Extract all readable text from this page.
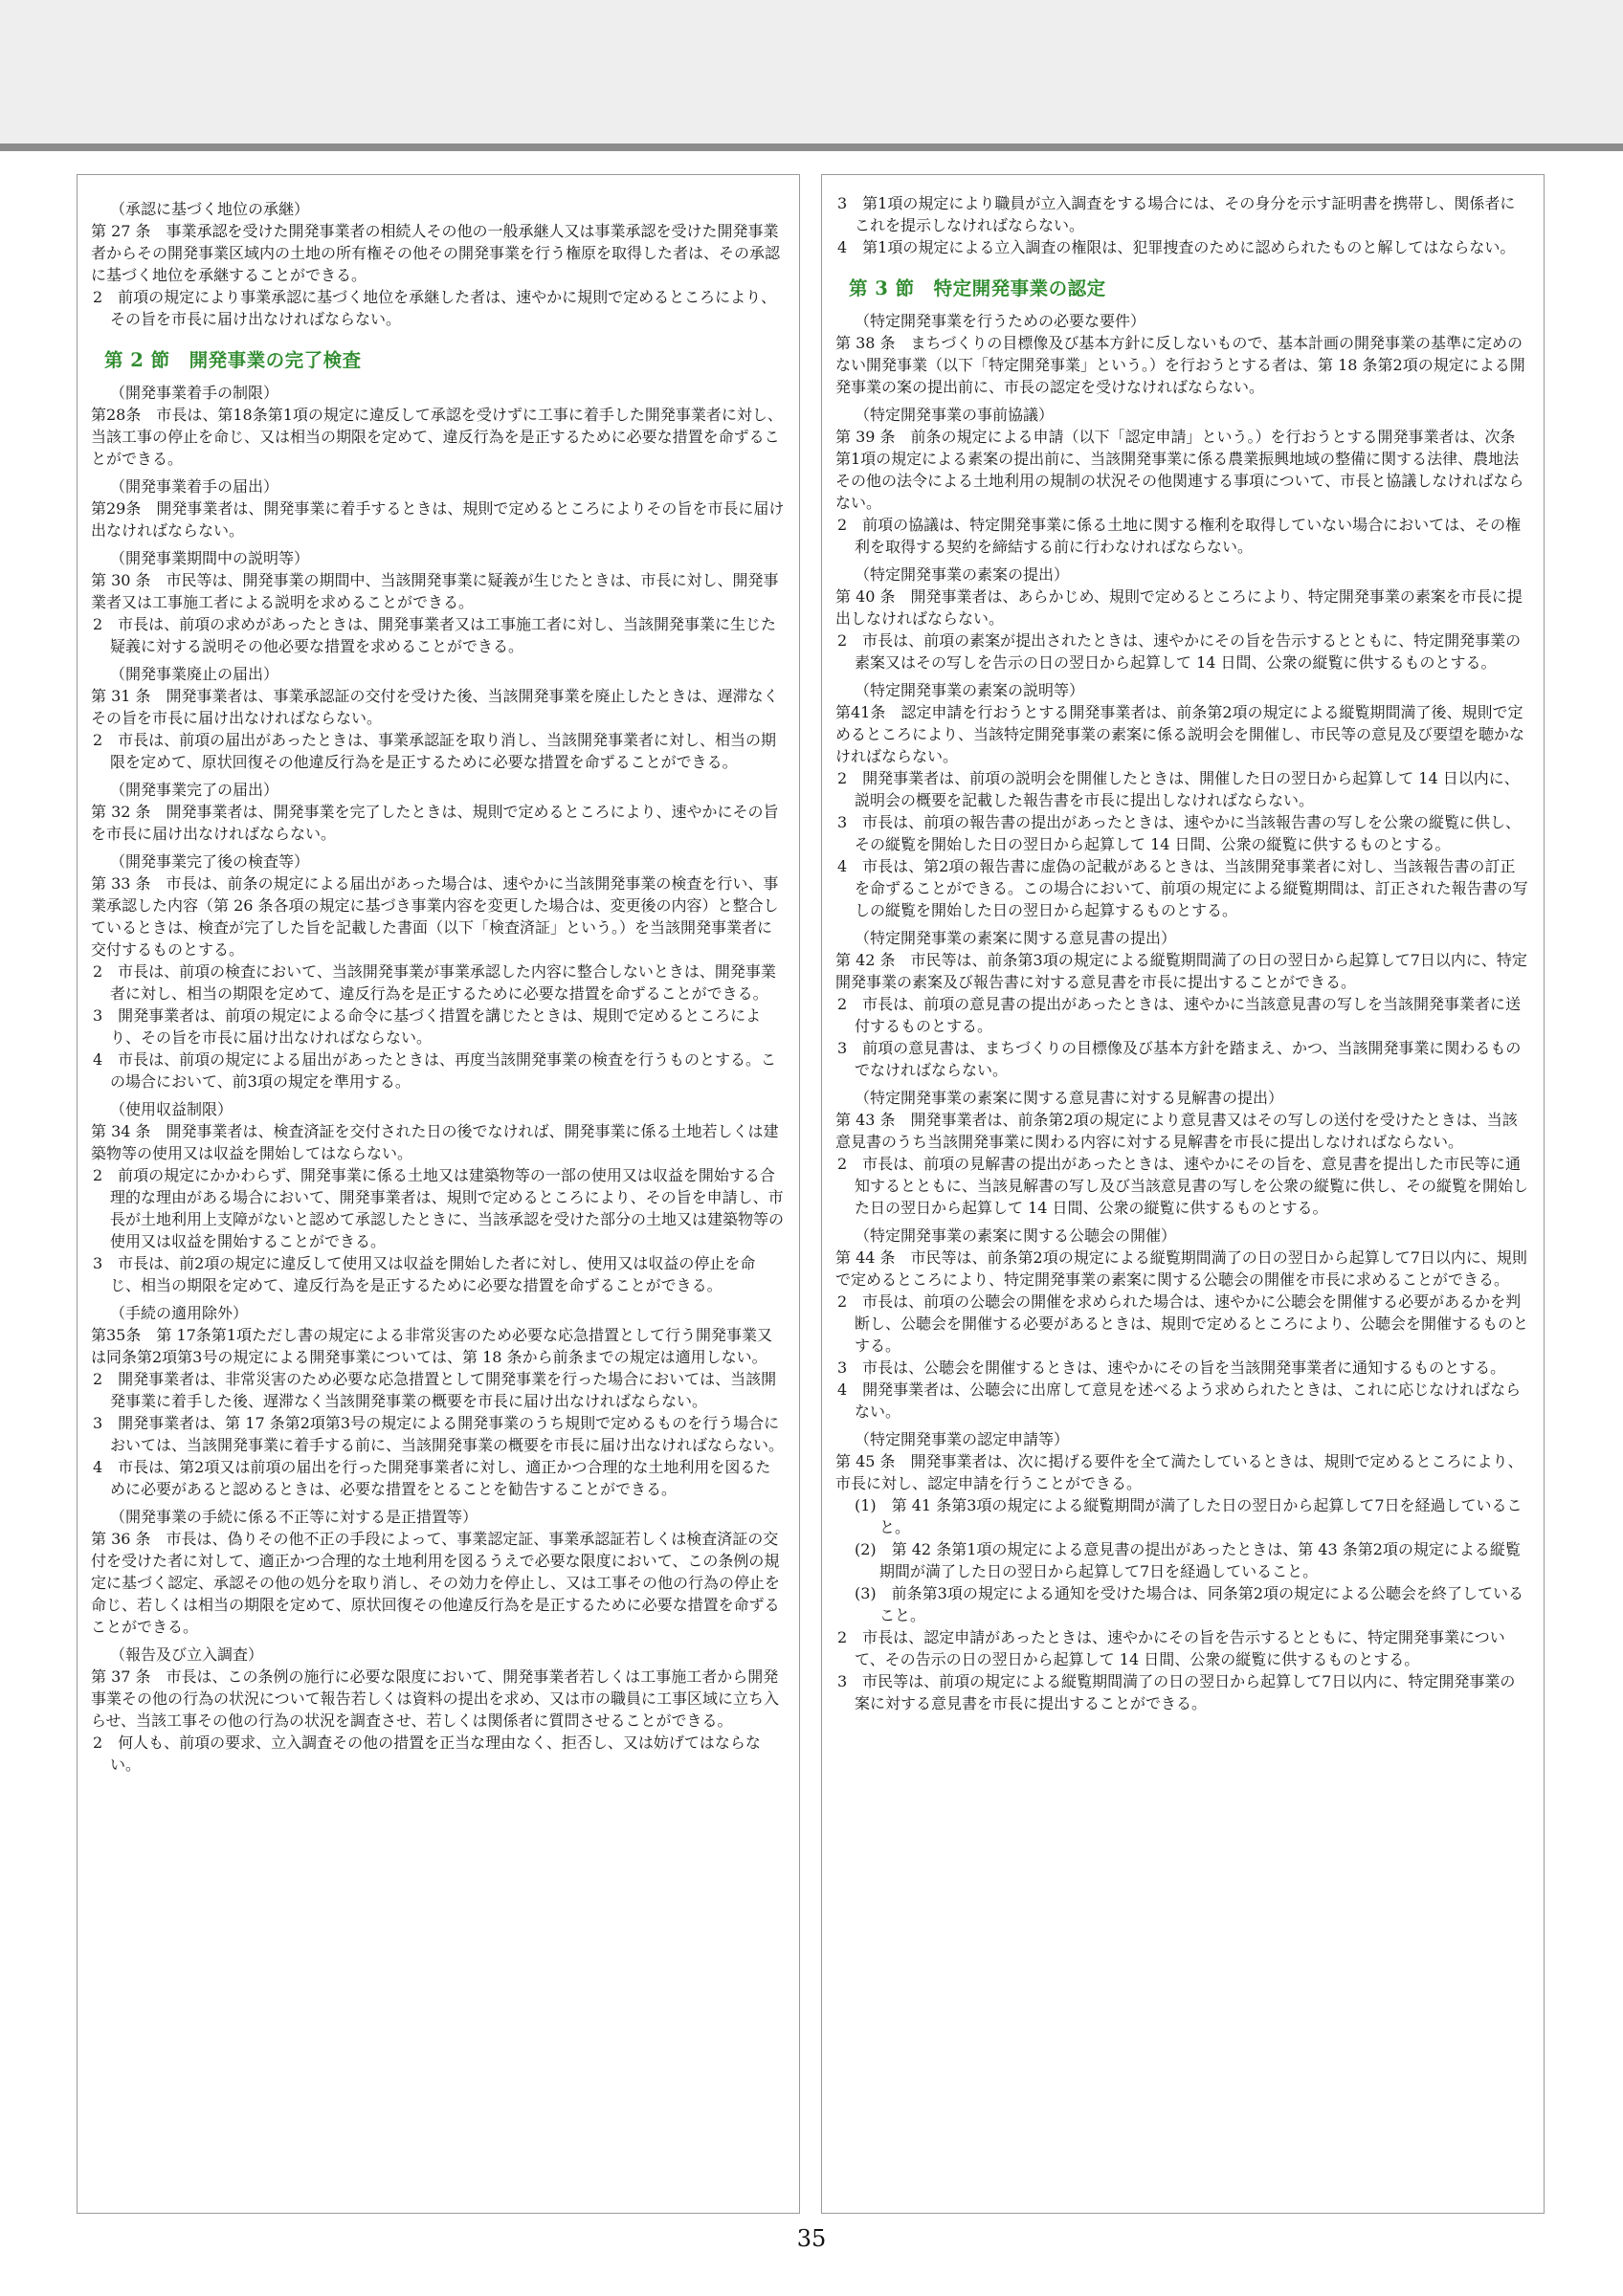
（承認に基づく地位の承継）

第 27 条　事業承認を受けた開発事業者の相続人その他の一般承継人又は事業承認を受けた開発事業者からその開発事業区域内の土地の所有権その他その開発事業を行う権原を取得した者は、その承認に基づく地位を承継することができる。

2　前項の規定により事業承認に基づく地位を承継した者は、速やかに規則で定めるところにより、その旨を市長に届け出なければならない。

第 2 節　開発事業の完了検査
（開発事業着手の制限）

第28条　市長は、第18条第1項の規定に違反して承認を受けずに工事に着手した開発事業者に対し、当該工事の停止を命じ、又は相当の期限を定めて、違反行為を是正するために必要な措置を命ずることができる。

（開発事業着手の届出）

第29条　開発事業者は、開発事業に着手するときは、規則で定めるところによりその旨を市長に届け出なければならない。

（開発事業期間中の説明等）

第 30 条　市民等は、開発事業の期間中、当該開発事業に疑義が生じたときは、市長に対し、開発事業者又は工事施工者による説明を求めることができる。

2　市長は、前項の求めがあったときは、開発事業者又は工事施工者に対し、当該開発事業に生じた疑義に対する説明その他必要な措置を求めることができる。

（開発事業廃止の届出）

第 31 条　開発事業者は、事業承認証の交付を受けた後、当該開発事業を廃止したときは、遅滞なくその旨を市長に届け出なければならない。

2　市長は、前項の届出があったときは、事業承認証を取り消し、当該開発事業者に対し、相当の期限を定めて、原状回復その他違反行為を是正するために必要な措置を命ずることができる。

（開発事業完了の届出）

第 32 条　開発事業者は、開発事業を完了したときは、規則で定めるところにより、速やかにその旨を市長に届け出なければならない。

（開発事業完了後の検査等）

第 33 条　市長は、前条の規定による届出があった場合は、速やかに当該開発事業の検査を行い、事業承認した内容（第 26 条各項の規定に基づき事業内容を変更した場合は、変更後の内容）と整合しているときは、検査が完了した旨を記載した書面（以下「検査済証」という。）を当該開発事業者に交付するものとする。

2　市長は、前項の検査において、当該開発事業が事業承認した内容に整合しないときは、開発事業者に対し、相当の期限を定めて、違反行為を是正するために必要な措置を命ずることができる。

3　開発事業者は、前項の規定による命令に基づく措置を講じたときは、規則で定めるところにより、その旨を市長に届け出なければならない。

4　市長は、前項の規定による届出があったときは、再度当該開発事業の検査を行うものとする。この場合において、前3項の規定を準用する。

（使用収益制限）

第 34 条　開発事業者は、検査済証を交付された日の後でなければ、開発事業に係る土地若しくは建築物等の使用又は収益を開始してはならない。

2　前項の規定にかかわらず、開発事業に係る土地又は建築物等の一部の使用又は収益を開始する合理的な理由がある場合において、開発事業者は、規則で定めるところにより、その旨を申請し、市長が土地利用上支障がないと認めて承認したときに、当該承認を受けた部分の土地又は建築物等の使用又は収益を開始することができる。

3　市長は、前2項の規定に違反して使用又は収益を開始した者に対し、使用又は収益の停止を命じ、相当の期限を定めて、違反行為を是正するために必要な措置を命ずることができる。

（手続の適用除外）

第35条　第 17条第1項ただし書の規定による非常災害のため必要な応急措置として行う開発事業又は同条第2項第3号の規定による開発事業については、第 18 条から前条までの規定は適用しない。

2　開発事業者は、非常災害のため必要な応急措置として開発事業を行った場合においては、当該開発事業に着手した後、遅滞なく当該開発事業の概要を市長に届け出なければならない。

3　開発事業者は、第 17 条第2項第3号の規定による開発事業のうち規則で定めるものを行う場合においては、当該開発事業に着手する前に、当該開発事業の概要を市長に届け出なければならない。

4　市長は、第2項又は前項の届出を行った開発事業者に対し、適正かつ合理的な土地利用を図るために必要があると認めるときは、必要な措置をとることを勧告することができる。

（開発事業の手続に係る不正等に対する是正措置等）

第 36 条　市長は、偽りその他不正の手段によって、事業認定証、事業承認証若しくは検査済証の交付を受けた者に対して、適正かつ合理的な土地利用を図るうえで必要な限度において、この条例の規定に基づく認定、承認その他の処分を取り消し、その効力を停止し、又は工事その他の行為の停止を命じ、若しくは相当の期限を定めて、原状回復その他違反行為を是正するために必要な措置を命ずることができる。

（報告及び立入調査）

第 37 条　市長は、この条例の施行に必要な限度において、開発事業者若しくは工事施工者から開発事業その他の行為の状況について報告若しくは資料の提出を求め、又は市の職員に工事区域に立ち入らせ、当該工事その他の行為の状況を調査させ、若しくは関係者に質問させることができる。

2　何人も、前項の要求、立入調査その他の措置を正当な理由なく、拒否し、又は妨げてはならない。

3　第1項の規定により職員が立入調査をする場合には、その身分を示す証明書を携帯し、関係者にこれを提示しなければならない。

4　第1項の規定による立入調査の権限は、犯罪捜査のために認められたものと解してはならない。

第 3 節　特定開発事業の認定
（特定開発事業を行うための必要な要件）

第 38 条　まちづくりの目標像及び基本方針に反しないもので、基本計画の開発事業の基準に定めのない開発事業（以下「特定開発事業」という。）を行おうとする者は、第 18 条第2項の規定による開発事業の案の提出前に、市長の認定を受けなければならない。

（特定開発事業の事前協議）

第 39 条　前条の規定による申請（以下「認定申請」という。）を行おうとする開発事業者は、次条第1項の規定による素案の提出前に、当該開発事業に係る農業振興地域の整備に関する法律、農地法その他の法令による土地利用の規制の状況その他関連する事項について、市長と協議しなければならない。

2　前項の協議は、特定開発事業に係る土地に関する権利を取得していない場合においては、その権利を取得する契約を締結する前に行わなければならない。

（特定開発事業の素案の提出）

第 40 条　開発事業者は、あらかじめ、規則で定めるところにより、特定開発事業の素案を市長に提出しなければならない。

2　市長は、前項の素案が提出されたときは、速やかにその旨を告示するとともに、特定開発事業の素案又はその写しを告示の日の翌日から起算して 14 日間、公衆の縦覧に供するものとする。

（特定開発事業の素案の説明等）

第41条　認定申請を行おうとする開発事業者は、前条第2項の規定による縦覧期間満了後、規則で定めるところにより、当該特定開発事業の素案に係る説明会を開催し、市民等の意見及び要望を聴かなければならない。

2　開発事業者は、前項の説明会を開催したときは、開催した日の翌日から起算して 14 日以内に、説明会の概要を記載した報告書を市長に提出しなければならない。

3　市長は、前項の報告書の提出があったときは、速やかに当該報告書の写しを公衆の縦覧に供し、その縦覧を開始した日の翌日から起算して 14 日間、公衆の縦覧に供するものとする。

4　市長は、第2項の報告書に虚偽の記載があるときは、当該開発事業者に対し、当該報告書の訂正を命ずることができる。この場合において、前項の規定による縦覧期間は、訂正された報告書の写しの縦覧を開始した日の翌日から起算するものとする。

（特定開発事業の素案に関する意見書の提出）

第 42 条　市民等は、前条第3項の規定による縦覧期間満了の日の翌日から起算して7日以内に、特定開発事業の素案及び報告書に対する意見書を市長に提出することができる。

2　市長は、前項の意見書の提出があったときは、速やかに当該意見書の写しを当該開発事業者に送付するものとする。

3　前項の意見書は、まちづくりの目標像及び基本方針を踏まえ、かつ、当該開発事業に関わるものでなければならない。

（特定開発事業の素案に関する意見書に対する見解書の提出）

第 43 条　開発事業者は、前条第2項の規定により意見書又はその写しの送付を受けたときは、当該意見書のうち当該開発事業に関わる内容に対する見解書を市長に提出しなければならない。

2　市長は、前項の見解書の提出があったときは、速やかにその旨を、意見書を提出した市民等に通知するとともに、当該見解書の写し及び当該意見書の写しを公衆の縦覧に供し、その縦覧を開始した日の翌日から起算して 14 日間、公衆の縦覧に供するものとする。

（特定開発事業の素案に関する公聴会の開催）

第 44 条　市民等は、前条第2項の規定による縦覧期間満了の日の翌日から起算して7日以内に、規則で定めるところにより、特定開発事業の素案に関する公聴会の開催を市長に求めることができる。

2　市長は、前項の公聴会の開催を求められた場合は、速やかに公聴会を開催する必要があるかを判断し、公聴会を開催する必要があるときは、規則で定めるところにより、公聴会を開催するものとする。

3　市長は、公聴会を開催するときは、速やかにその旨を当該開発事業者に通知するものとする。

4　開発事業者は、公聴会に出席して意見を述べるよう求められたときは、これに応じなければならない。

（特定開発事業の認定申請等）

第 45 条　開発事業者は、次に掲げる要件を全て満たしているときは、規則で定めるところにより、市長に対し、認定申請を行うことができる。

(1)　第 41 条第3項の規定による縦覧期間が満了した日の翌日から起算して7日を経過していること。

(2)　第 42 条第1項の規定による意見書の提出があったときは、第 43 条第2項の規定による縦覧期間が満了した日の翌日から起算して7日を経過していること。

(3)　前条第3項の規定による通知を受けた場合は、同条第2項の規定による公聴会を終了していること。

2　市長は、認定申請があったときは、速やかにその旨を告示するとともに、特定開発事業について、その告示の日の翌日から起算して 14 日間、公衆の縦覧に供するものとする。

3　市民等は、前項の規定による縦覧期間満了の日の翌日から起算して7日以内に、特定開発事業の案に対する意見書を市長に提出することができる。

35
